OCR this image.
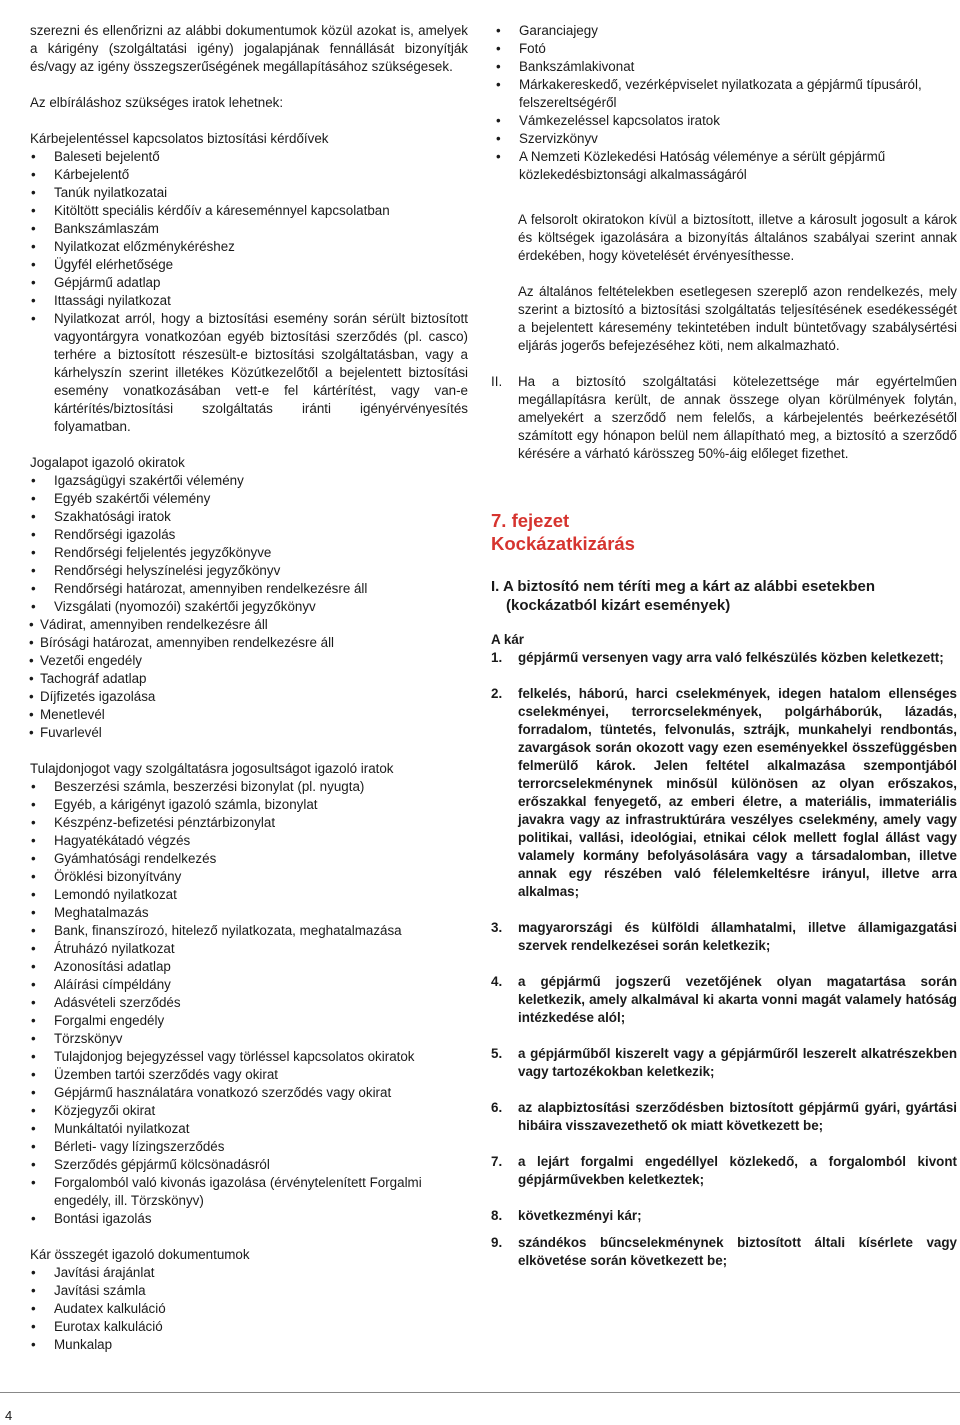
szerezni és ellenőrizni az alábbi dokumentumok közül azokat is, amelyek a kárigény (szolgáltatási igény) jogalapjának fennállását bizonyítják és/vagy az igény összegszerűségének megállapításához szükségesek.

Az elbíráláshoz szükséges iratok lehetnek:

Kárbejelentéssel kapcsolatos biztosítási kérdőívek

• Baleseti bejelentő
• Kárbejelentő
• Tanúk nyilatkozatai
• Kitöltött speciális kérdőív a káreseménnyel kapcsolatban
• Bankszámlaszám
• Nyilatkozat előzménykéréshez
• Ügyfél elérhetősége
• Gépjármű adatlap
• Ittassági nyilatkozat
• Nyilatkozat arról, hogy a biztosítási esemény során sérült biztosított vagyontárgyra vonatkozóan egyéb biztosítási szerződés (pl. casco) terhére a biztosított részesült-e biztosítási szolgáltatásban, vagy a kárhelyszín szerint illetékes Közútkezelőtől a bejelentett biztosítási esemény vonatkozásában vett-e fel kártérítést, vagy van-e kártérítés/biztosítási szolgáltatás iránti igényérvényesítés folyamatban.

Jogalapot igazoló okiratok

• Igazságügyi szakértői vélemény
• Egyéb szakértői vélemény
• Szakhatósági iratok
• Rendőrségi igazolás
• Rendőrségi feljelentés jegyzőkönyve
• Rendőrségi helyszínelési jegyzőkönyv
• Rendőrségi határozat, amennyiben rendelkezésre áll
• Vizsgálati (nyomozói) szakértői jegyzőkönyv
• Vádirat, amennyiben rendelkezésre áll
• Bírósági határozat, amennyiben rendelkezésre áll
• Vezetői engedély
• Tachográf adatlap
• Díjfizetés igazolása
• Menetlevél
• Fuvarlevél

Tulajdonjogot vagy szolgáltatásra jogosultságot igazoló iratok

• Beszerzési számla, beszerzési bizonylat (pl. nyugta)
• Egyéb, a kárigényt igazoló számla, bizonylat
• Készpénz-befizetési pénztárbizonylat
• Hagyatékátadó végzés
• Gyámhatósági rendelkezés
• Öröklési bizonyítvány
• Lemondó nyilatkozat
• Meghatalmazás
• Bank, finanszírozó, hitelező nyilatkozata, meghatalmazása
• Átruházó nyilatkozat
• Azonosítási adatlap
• Aláírási címpéldány
• Adásvételi szerződés
• Forgalmi engedély
• Törzskönyv
• Tulajdonjog bejegyzéssel vagy törléssel kapcsolatos okiratok
• Üzemben tartói szerződés vagy okirat
• Gépjármű használatára vonatkozó szerződés vagy okirat
• Közjegyzői okirat
• Munkáltatói nyilatkozat
• Bérleti- vagy lízingszerződés
• Szerződés gépjármű kölcsönadásról
• Forgalomból való kivonás igazolása (érvénytelenített Forgalmi engedély, ill. Törzskönyv)
• Bontási igazolás

Kár összegét igazoló dokumentumok

• Javítási árajánlat
• Javítási számla
• Audatex kalkuláció
• Eurotax kalkuláció
• Munkalap
• Garanciajegy
• Fotó
• Bankszámlakivonat
• Márkakereskedő, vezérképviselet nyilatkozata a gépjármű típusáról, felszereltségéről
• Vámkezeléssel kapcsolatos iratok
• Szervizkönyv
• A Nemzeti Közlekedési Hatóság véleménye a sérült gépjármű közlekedésbiztonsági alkalmasságáról

A felsorolt okiratokon kívül a biztosított, illetve a károsult jogosult a károk és költségek igazolására a bizonyítás általános szabályai szerint annak érdekében, hogy követelését érvényesíthesse.

Az általános feltételekben esetlegesen szereplő azon rendelkezés, mely szerint a biztosító a biztosítási szolgáltatás teljesítésének esedékességét a bejelentett káresemény tekintetében indult büntetővagy szabálysértési eljárás jogerős befejezéséhez köti, nem alkalmazható.

II. Ha a biztosító szolgáltatási kötelezettsége már egyértelműen megállapításra került, de annak összege olyan körülmények folytán, amelyekért a szerződő nem felelős, a kárbejelentés beérkezésétől számított egy hónapon belül nem állapítható meg, a biztosító a szerződő kérésére a várható kárösszeg 50%-áig előleget fizethet.

7. fejezet
Kockázatkizárás
I. A biztosító nem téríti meg a kárt az alábbi esetekben
(kockázatból kizárt események)
A kár
1. gépjármű versenyen vagy arra való felkészülés közben keletkezett;
2. felkelés, háború, harci cselekmények, idegen hatalom ellenséges cselekményei, terrorcselekmények, polgárháborúk, lázadás, forradalom, tüntetés, felvonulás, sztrájk, munkahelyi rendbontás, zavargások során okozott vagy ezen eseményekkel összefüggésben felmerülő károk. Jelen feltétel alkalmazása szempontjából terrorcselekménynek minősül különösen az olyan erőszakos, erőszakkal fenyegető, az emberi életre, a materiális, immateriális javakra vagy az infrastruktúrára veszélyes cselekmény, amely vagy politikai, vallási, ideológiai, etnikai célok mellett foglal állást vagy valamely kormány befolyásolására vagy a társadalomban, illetve annak egy részében való félelemkeltésre irányul, illetve arra alkalmas;
3. magyarországi és külföldi államhatalmi, illetve államigazgatási szervek rendelkezései során keletkezik;
4. a gépjármű jogszerű vezetőjének olyan magatartása során keletkezik, amely alkalmával ki akarta vonni magát valamely hatóság intézkedése alól;
5. a gépjárműből kiszerelt vagy a gépjárműről leszerelt alkatrészekben vagy tartozékokban keletkezik;
6. az alapbiztosítási szerződésben biztosított gépjármű gyári, gyártási hibáira visszavezethető ok miatt következett be;
7. a lejárt forgalmi engedéllyel közlekedő, a forgalomból kivont gépjárművekben keletkeztek;
8. következményi kár;
9. szándékos bűncselekménynek biztosított általi kísérlete vagy elkövetése során következett be;
4
